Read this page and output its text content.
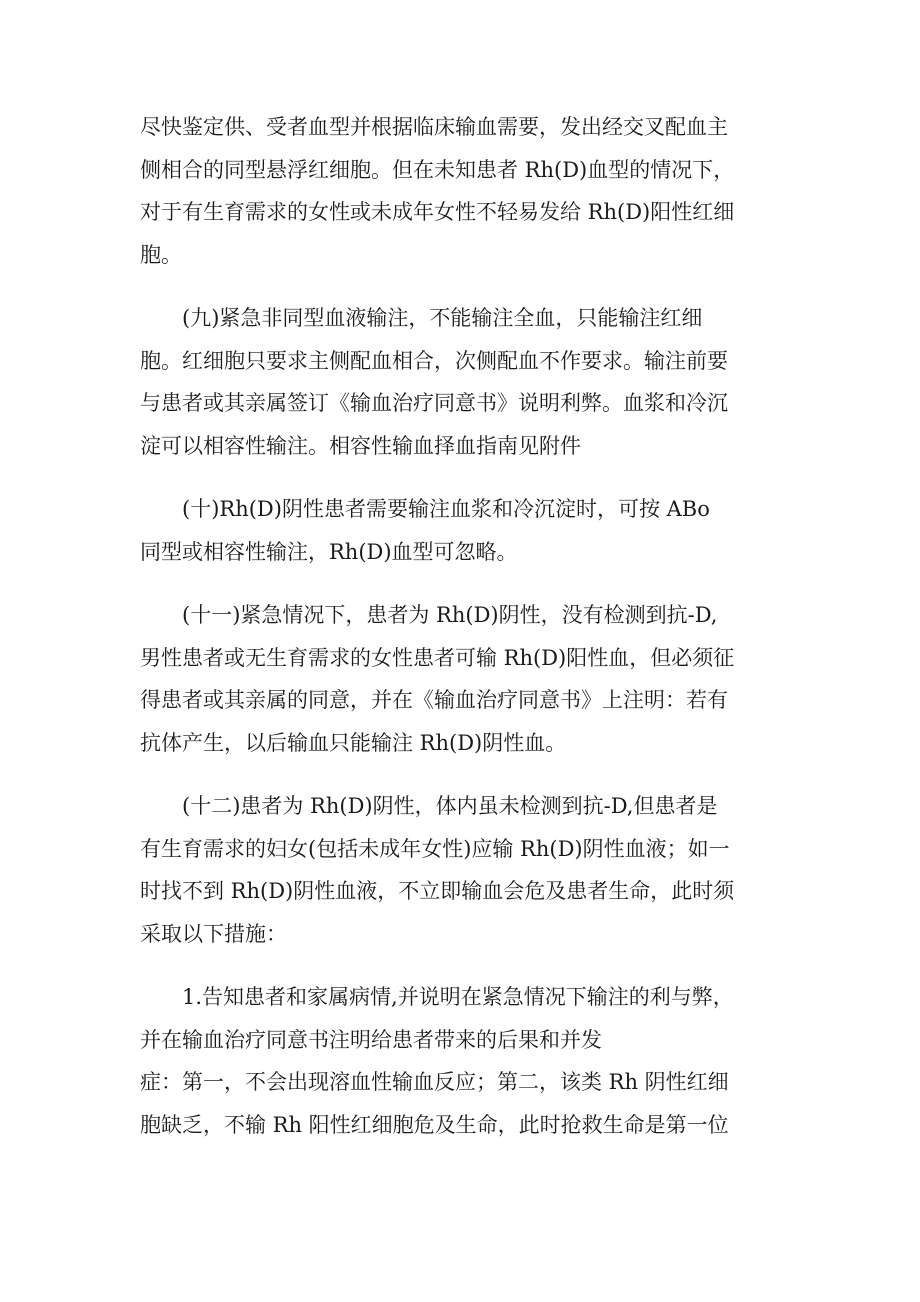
尽快鉴定供、受者血型并根据临床输血需要，发出经交叉配血主
侧相合的同型悬浮红细胞。但在未知患者 Rh(D)血型的情况下，
对于有生育需求的女性或未成年女性不轻易发给 Rh(D)阳性红细
胞。
(九)紧急非同型血液输注，不能输注全血，只能输注红细
胞。红细胞只要求主侧配血相合，次侧配血不作要求。输注前要
与患者或其亲属签订《输血治疗同意书》说明利弊。血浆和冷沉
淀可以相容性输注。相容性输血择血指南见附件
(十)Rh(D)阴性患者需要输注血浆和冷沉淀时，可按 ABo
同型或相容性输注，Rh(D)血型可忽略。
(十一)紧急情况下，患者为 Rh(D)阴性，没有检测到抗-D,
男性患者或无生育需求的女性患者可输 Rh(D)阳性血，但必须征
得患者或其亲属的同意，并在《输血治疗同意书》上注明：若有
抗体产生，以后输血只能输注 Rh(D)阴性血。
(十二)患者为 Rh(D)阴性，体内虽未检测到抗-D,但患者是
有生育需求的妇女(包括未成年女性)应输 Rh(D)阴性血液；如一
时找不到 Rh(D)阴性血液，不立即输血会危及患者生命，此时须
采取以下措施：
1.告知患者和家属病情,并说明在紧急情况下输注的利与弊，
并在输血治疗同意书注明给患者带来的后果和并发
症：第一，不会出现溶血性输血反应；第二，该类 Rh 阴性红细
胞缺乏，不输 Rh 阳性红细胞危及生命，此时抢救生命是第一位
